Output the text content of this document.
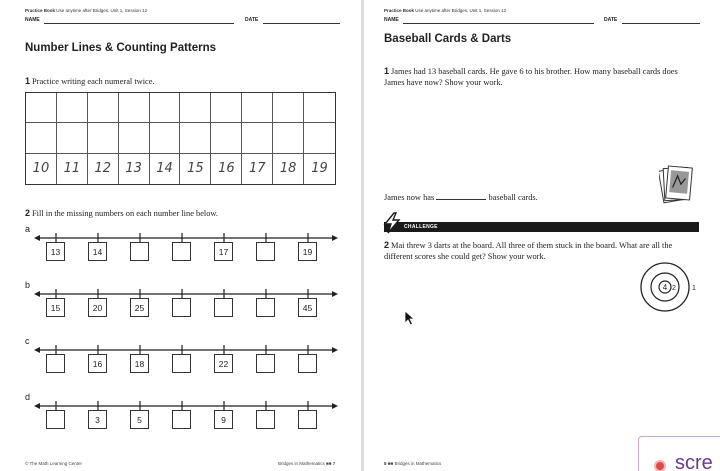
Practice Book Use anytime after Bridges, Unit 1, Session 12
NAME	DATE
Number Lines & Counting Patterns
1 Practice writing each numeral twice.
10	11	12	13	14	15	16	17	18	19
2 Fill in the missing numbers on each number line below.
© The Math Learning Center	Bridges in Mathematics ■■ 7
a
13	14	17	19
b
15	20	25	45
c
16	18	22
d
3	5	9
Practice Book Use anytime after Bridges, Unit 1, Session 12
NAME	DATE
Baseball Cards & Darts
1 James had 13 baseball cards. He gave 6 to his brother. How many baseball cards does James have now? Show your work.
James now has	baseball cards.
CHALLENGE
2 Mai threw 3 darts at the board. All three of them stuck in the board. What are all the different scores she could get? Show your work.
4 2 1
8 ■■ Bridges in Mathematics	scre
